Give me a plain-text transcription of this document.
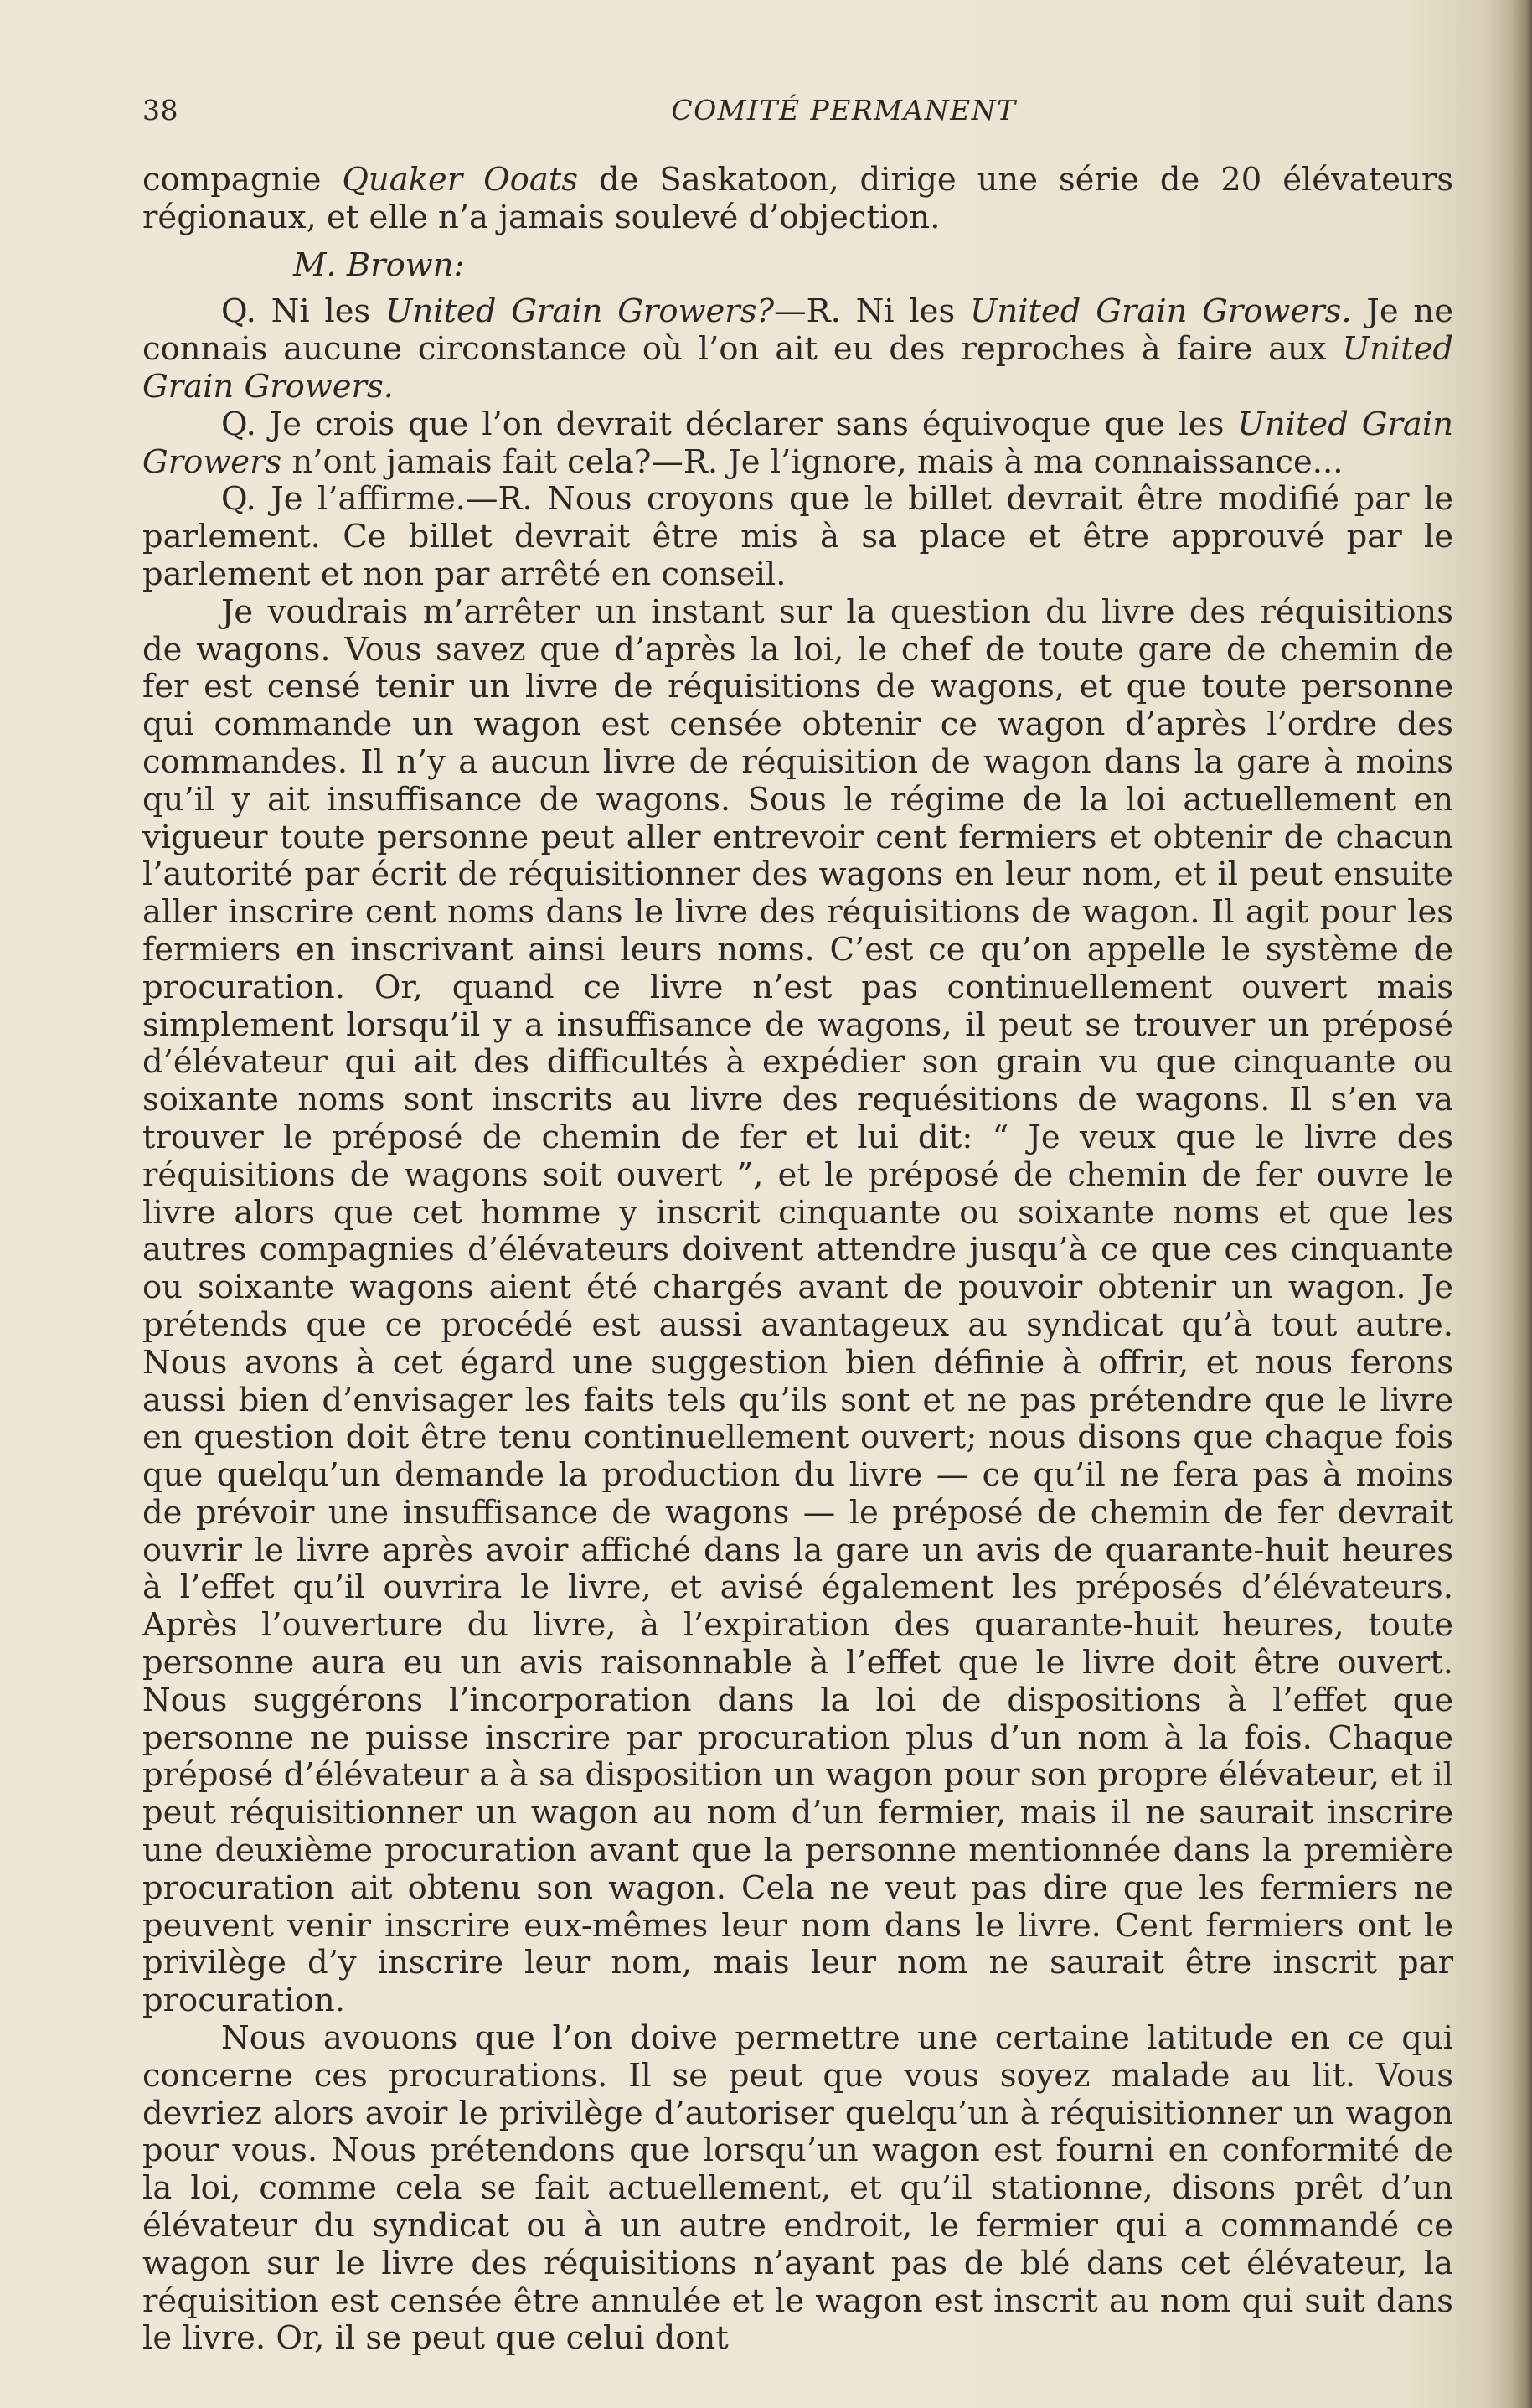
38	COMITÉ PERMANENT

compagnie Quaker Ooats de Saskatoon, dirige une série de 20 élévateurs régionaux, et elle n’a jamais soulevé d’objection.

M. Brown:

Q. Ni les United Grain Growers?—R. Ni les United Grain Growers. Je ne connais aucune circonstance où l’on ait eu des reproches à faire aux United Grain Growers.

Q. Je crois que l’on devrait déclarer sans équivoque que les United Grain Growers n’ont jamais fait cela?—R. Je l’ignore, mais à ma connaissance...

Q. Je l’affirme.—R. Nous croyons que le billet devrait être modifié par le parlement. Ce billet devrait être mis à sa place et être approuvé par le parlement et non par arrêté en conseil.

Je voudrais m’arrêter un instant sur la question du livre des réquisitions de wagons. Vous savez que d’après la loi, le chef de toute gare de chemin de fer est censé tenir un livre de réquisitions de wagons, et que toute personne qui commande un wagon est censée obtenir ce wagon d’après l’ordre des commandes. Il n’y a aucun livre de réquisition de wagon dans la gare à moins qu’il y ait insuffisance de wagons. Sous le régime de la loi actuellement en vigueur toute personne peut aller entrevoir cent fermiers et obtenir de chacun l’autorité par écrit de réquisitionner des wagons en leur nom, et il peut ensuite aller inscrire cent noms dans le livre des réquisitions de wagon. Il agit pour les fermiers en inscrivant ainsi leurs noms. C’est ce qu’on appelle le système de procuration. Or, quand ce livre n’est pas continuellement ouvert mais simplement lorsqu’il y a insuffisance de wagons, il peut se trouver un préposé d’élévateur qui ait des difficultés à expédier son grain vu que cinquante ou soixante noms sont inscrits au livre des requésitions de wagons. Il s’en va trouver le préposé de chemin de fer et lui dit: “ Je veux que le livre des réquisitions de wagons soit ouvert ”, et le préposé de chemin de fer ouvre le livre alors que cet homme y inscrit cinquante ou soixante noms et que les autres compagnies d’élévateurs doivent attendre jusqu’à ce que ces cinquante ou soixante wagons aient été chargés avant de pouvoir obtenir un wagon. Je prétends que ce procédé est aussi avantageux au syndicat qu’à tout autre. Nous avons à cet égard une suggestion bien définie à offrir, et nous ferons aussi bien d’envisager les faits tels qu’ils sont et ne pas prétendre que le livre en question doit être tenu continuellement ouvert; nous disons que chaque fois que quelqu’un demande la production du livre — ce qu’il ne fera pas à moins de prévoir une insuffisance de wagons — le préposé de chemin de fer devrait ouvrir le livre après avoir affiché dans la gare un avis de quarante-huit heures à l’effet qu’il ouvrira le livre, et avisé également les préposés d’élévateurs. Après l’ouverture du livre, à l’expiration des quarante-huit heures, toute personne aura eu un avis raisonnable à l’effet que le livre doit être ouvert. Nous suggérons l’incorporation dans la loi de dispositions à l’effet que personne ne puisse inscrire par procuration plus d’un nom à la fois. Chaque préposé d’élévateur a à sa disposition un wagon pour son propre élévateur, et il peut réquisitionner un wagon au nom d’un fermier, mais il ne saurait inscrire une deuxième procuration avant que la personne mentionnée dans la première procuration ait obtenu son wagon. Cela ne veut pas dire que les fermiers ne peuvent venir inscrire eux-mêmes leur nom dans le livre. Cent fermiers ont le privilège d’y inscrire leur nom, mais leur nom ne saurait être inscrit par procuration.

Nous avouons que l’on doive permettre une certaine latitude en ce qui concerne ces procurations. Il se peut que vous soyez malade au lit. Vous devriez alors avoir le privilège d’autoriser quelqu’un à réquisitionner un wagon pour vous. Nous prétendons que lorsqu’un wagon est fourni en conformité de la loi, comme cela se fait actuellement, et qu’il stationne, disons prêt d’un élévateur du syndicat ou à un autre endroit, le fermier qui a commandé ce wagon sur le livre des réquisitions n’ayant pas de blé dans cet élévateur, la réquisition est censée être annulée et le wagon est inscrit au nom qui suit dans le livre. Or, il se peut que celui dont
